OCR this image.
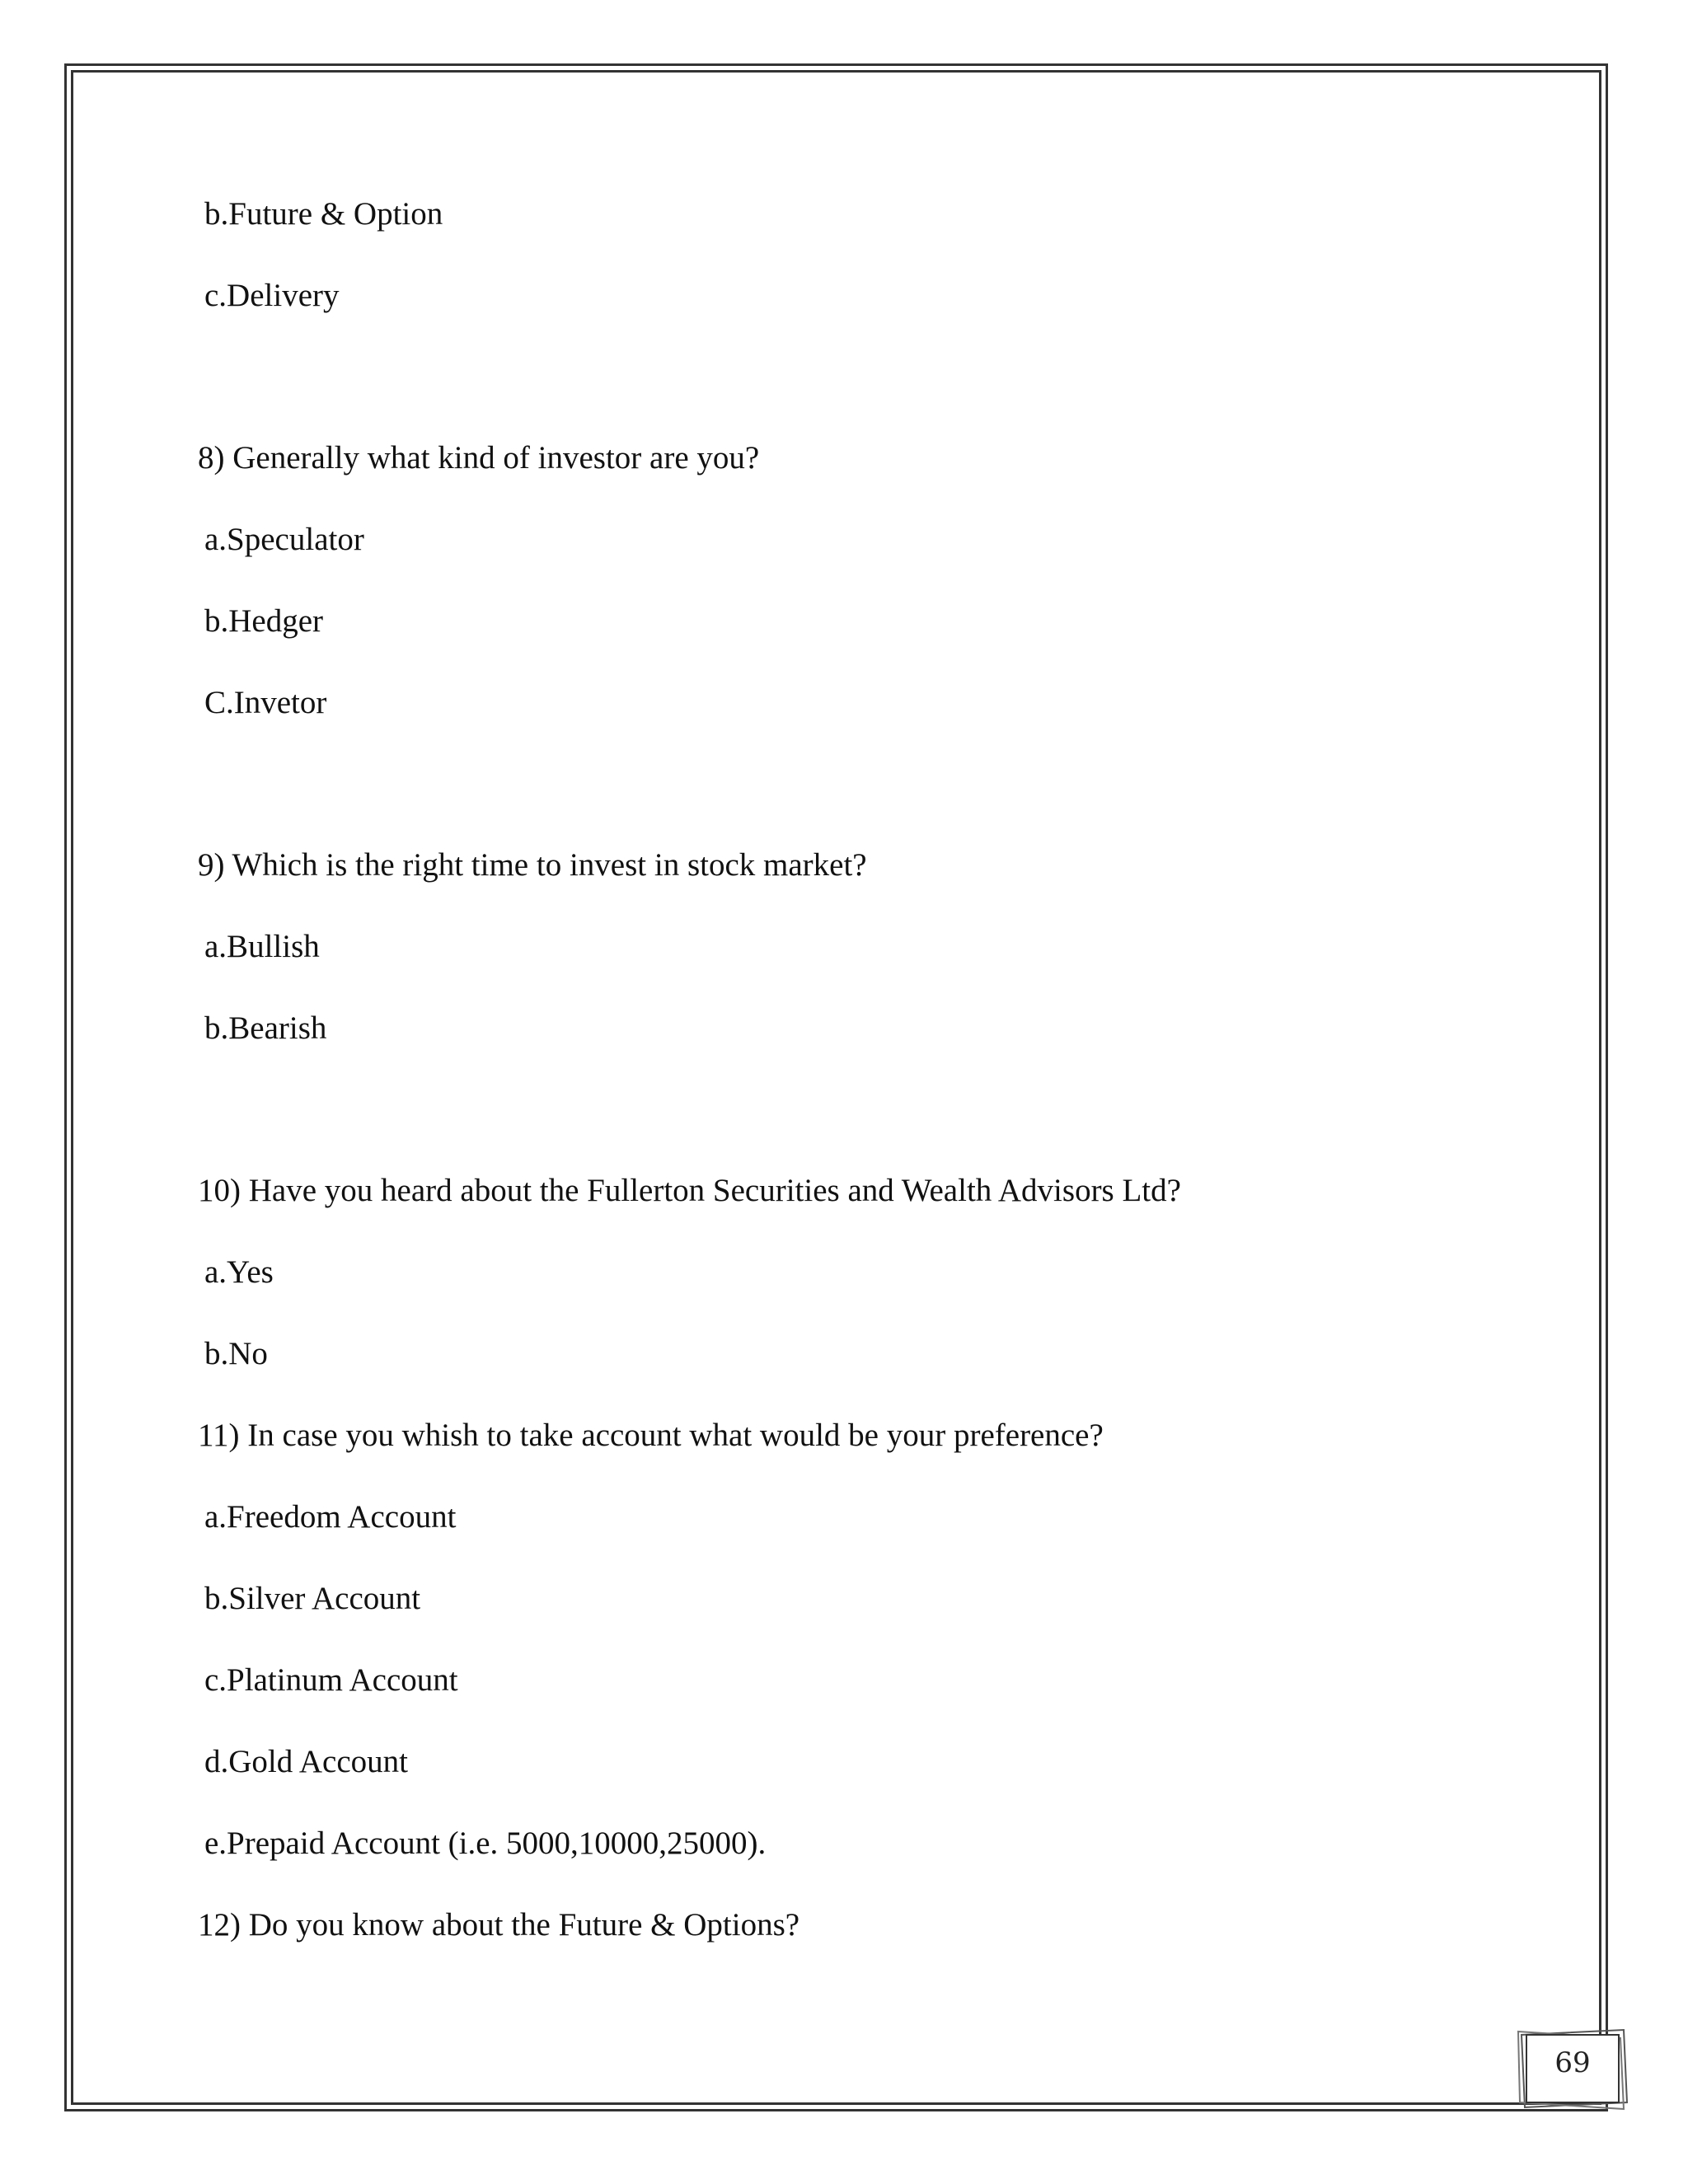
b.Future & Option
c.Delivery
8) Generally what kind of investor are you?
a.Speculator
b.Hedger
C.Invetor
9) Which is the right time to invest in stock market?
a.Bullish
b.Bearish
10) Have you heard about the Fullerton Securities and Wealth Advisors Ltd?
a.Yes
b.No
11) In case you whish to take account what would be your preference?
a.Freedom Account
b.Silver Account
c.Platinum Account
d.Gold Account
e.Prepaid Account (i.e. 5000,10000,25000).
12) Do you know about the Future & Options?
69
